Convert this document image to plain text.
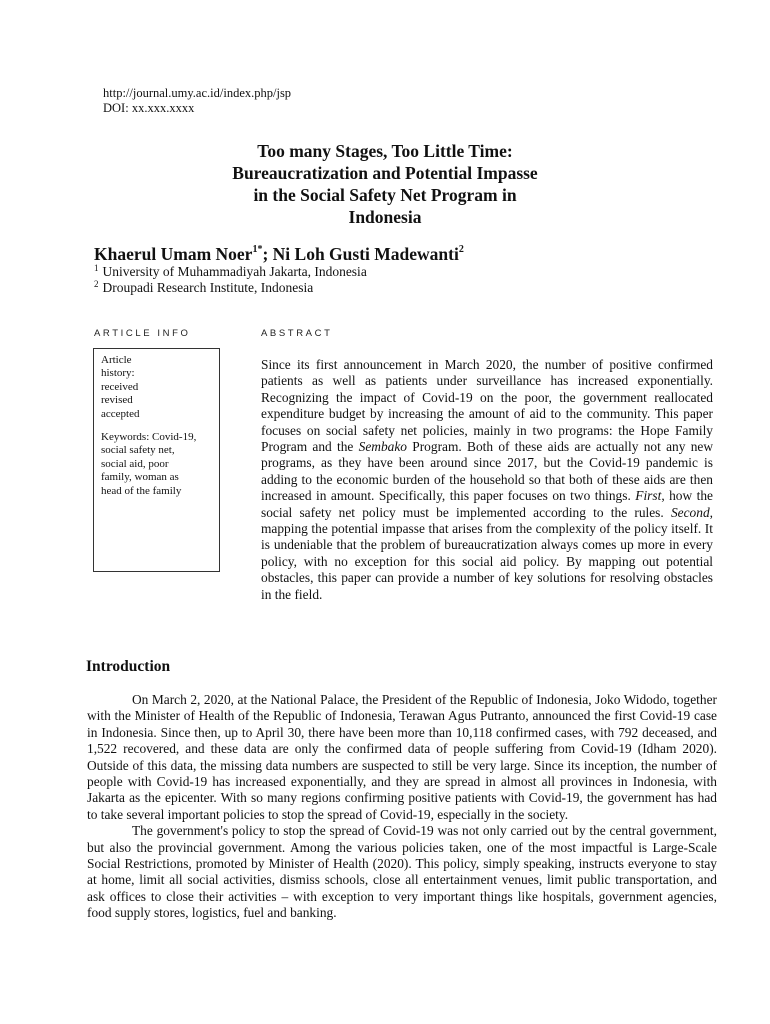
http://journal.umy.ac.id/index.php/jsp
DOI: xx.xxx.xxxx
Too many Stages, Too Little Time:
Bureaucratization and Potential Impasse
in the Social Safety Net Program in
Indonesia
Khaerul Umam Noer$^{1*}$; Ni Loh Gusti Madewanti$^2$
$^1$ University of Muhammadiyah Jakarta, Indonesia
$^2$ Droupadi Research Institute, Indonesia
ARTICLE INFO	ABSTRACT
Article
history:
received
revised
accepted
Keywords: Covid-19,
social safety net,
social aid, poor
family, woman as
head of the family
Since its first announcement in March 2020, the number of positive confirmed patients as well as patients under surveillance has increased exponentially. Recognizing the impact of Covid-19 on the poor, the government reallocated expenditure budget by increasing the amount of aid to the community. This paper focuses on social safety net policies, mainly in two programs: the Hope Family Program and the Sembako Program. Both of these aids are actually not any new programs, as they have been around since 2017, but the Covid-19 pandemic is adding to the economic burden of the household so that both of these aids are then increased in amount. Specifically, this paper focuses on two things. First, how the social safety net policy must be implemented according to the rules. Second, mapping the potential impasse that arises from the complexity of the policy itself. It is undeniable that the problem of bureaucratization always comes up more in every policy, with no exception for this social aid policy. By mapping out potential obstacles, this paper can provide a number of key solutions for resolving obstacles in the field.
Introduction

On March 2, 2020, at the National Palace, the President of the Republic of Indonesia, Joko Widodo, together with the Minister of Health of the Republic of Indonesia, Terawan Agus Putranto, announced the first Covid-19 case in Indonesia. Since then, up to April 30, there have been more than 10,118 confirmed cases, with 792 deceased, and 1,522 recovered, and these data are only the confirmed data of people suffering from Covid-19 (Idham 2020). Outside of this data, the missing data numbers are suspected to still be very large. Since its inception, the number of people with Covid-19 has increased exponentially, and they are spread in almost all provinces in Indonesia, with Jakarta as the epicenter. With so many regions confirming positive patients with Covid-19, the government has had to take several important policies to stop the spread of Covid-19, especially in the society.

The government's policy to stop the spread of Covid-19 was not only carried out by the central government, but also the provincial government. Among the various policies taken, one of the most impactful is Large-Scale Social Restrictions, promoted by Minister of Health (2020). This policy, simply speaking, instructs everyone to stay at home, limit all social activities, dismiss schools, close all entertainment venues, limit public transportation, and ask offices to close their activities – with exception to very important things like hospitals, government agencies, food supply stores, logistics, fuel and banking.
